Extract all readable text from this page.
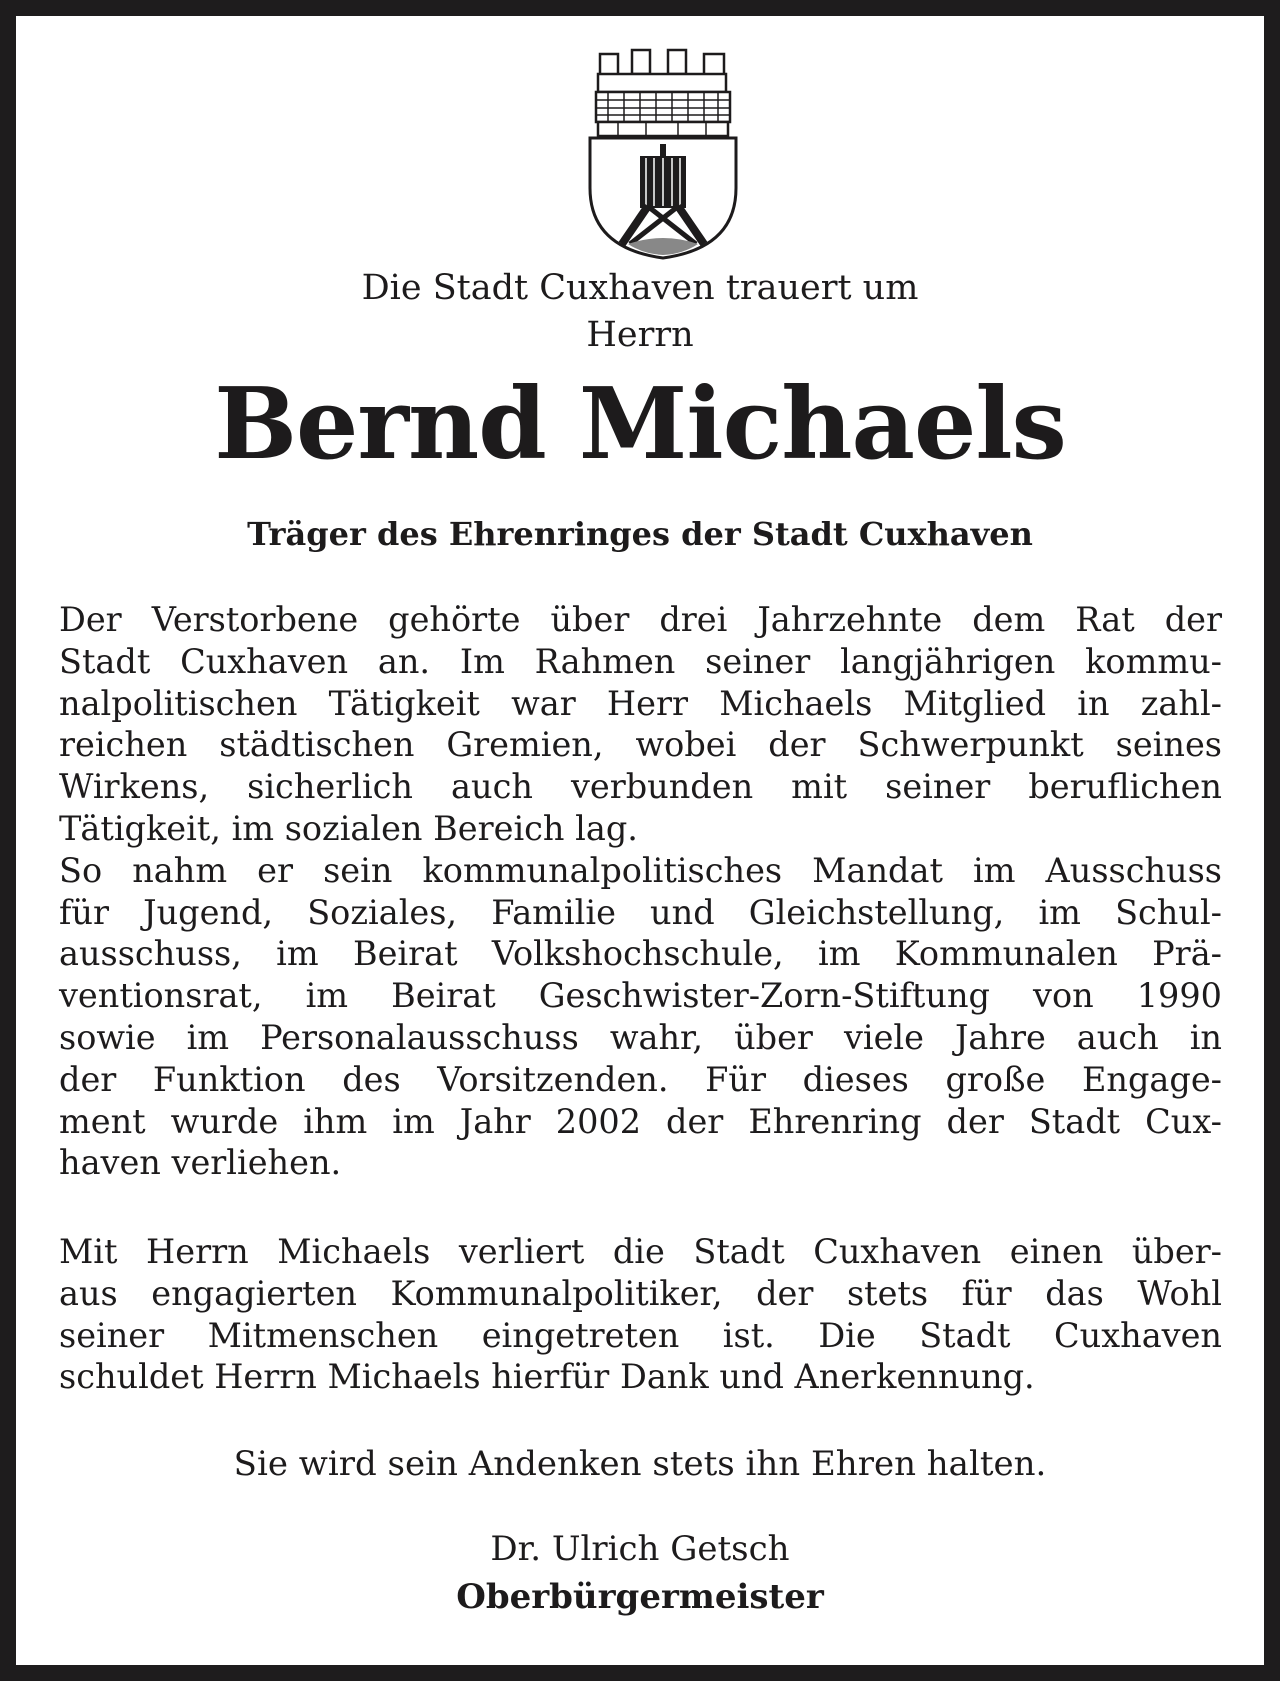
Die Stadt Cuxhaven trauert um
Herrn
Bernd Michaels
Träger des Ehrenringes der Stadt Cuxhaven
Der Verstorbene gehörte über drei Jahrzehnte dem Rat der
Stadt Cuxhaven an. Im Rahmen seiner langjährigen kommu-
nalpolitischen Tätigkeit war Herr Michaels Mitglied in zahl-
reichen städtischen Gremien, wobei der Schwerpunkt seines
Wirkens, sicherlich auch verbunden mit seiner beruflichen
Tätigkeit, im sozialen Bereich lag.
So nahm er sein kommunalpolitisches Mandat im Ausschuss
für Jugend, Soziales, Familie und Gleichstellung, im Schul-
ausschuss, im Beirat Volkshochschule, im Kommunalen Prä-
ventionsrat, im Beirat Geschwister-Zorn-Stiftung von 1990
sowie im Personalausschuss wahr, über viele Jahre auch in
der Funktion des Vorsitzenden. Für dieses große Engage-
ment wurde ihm im Jahr 2002 der Ehrenring der Stadt Cux-
haven verliehen.
Mit Herrn Michaels verliert die Stadt Cuxhaven einen über-
aus engagierten Kommunalpolitiker, der stets für das Wohl
seiner Mitmenschen eingetreten ist. Die Stadt Cuxhaven
schuldet Herrn Michaels hierfür Dank und Anerkennung.
Sie wird sein Andenken stets ihn Ehren halten.
Dr. Ulrich Getsch
Oberbürgermeister
